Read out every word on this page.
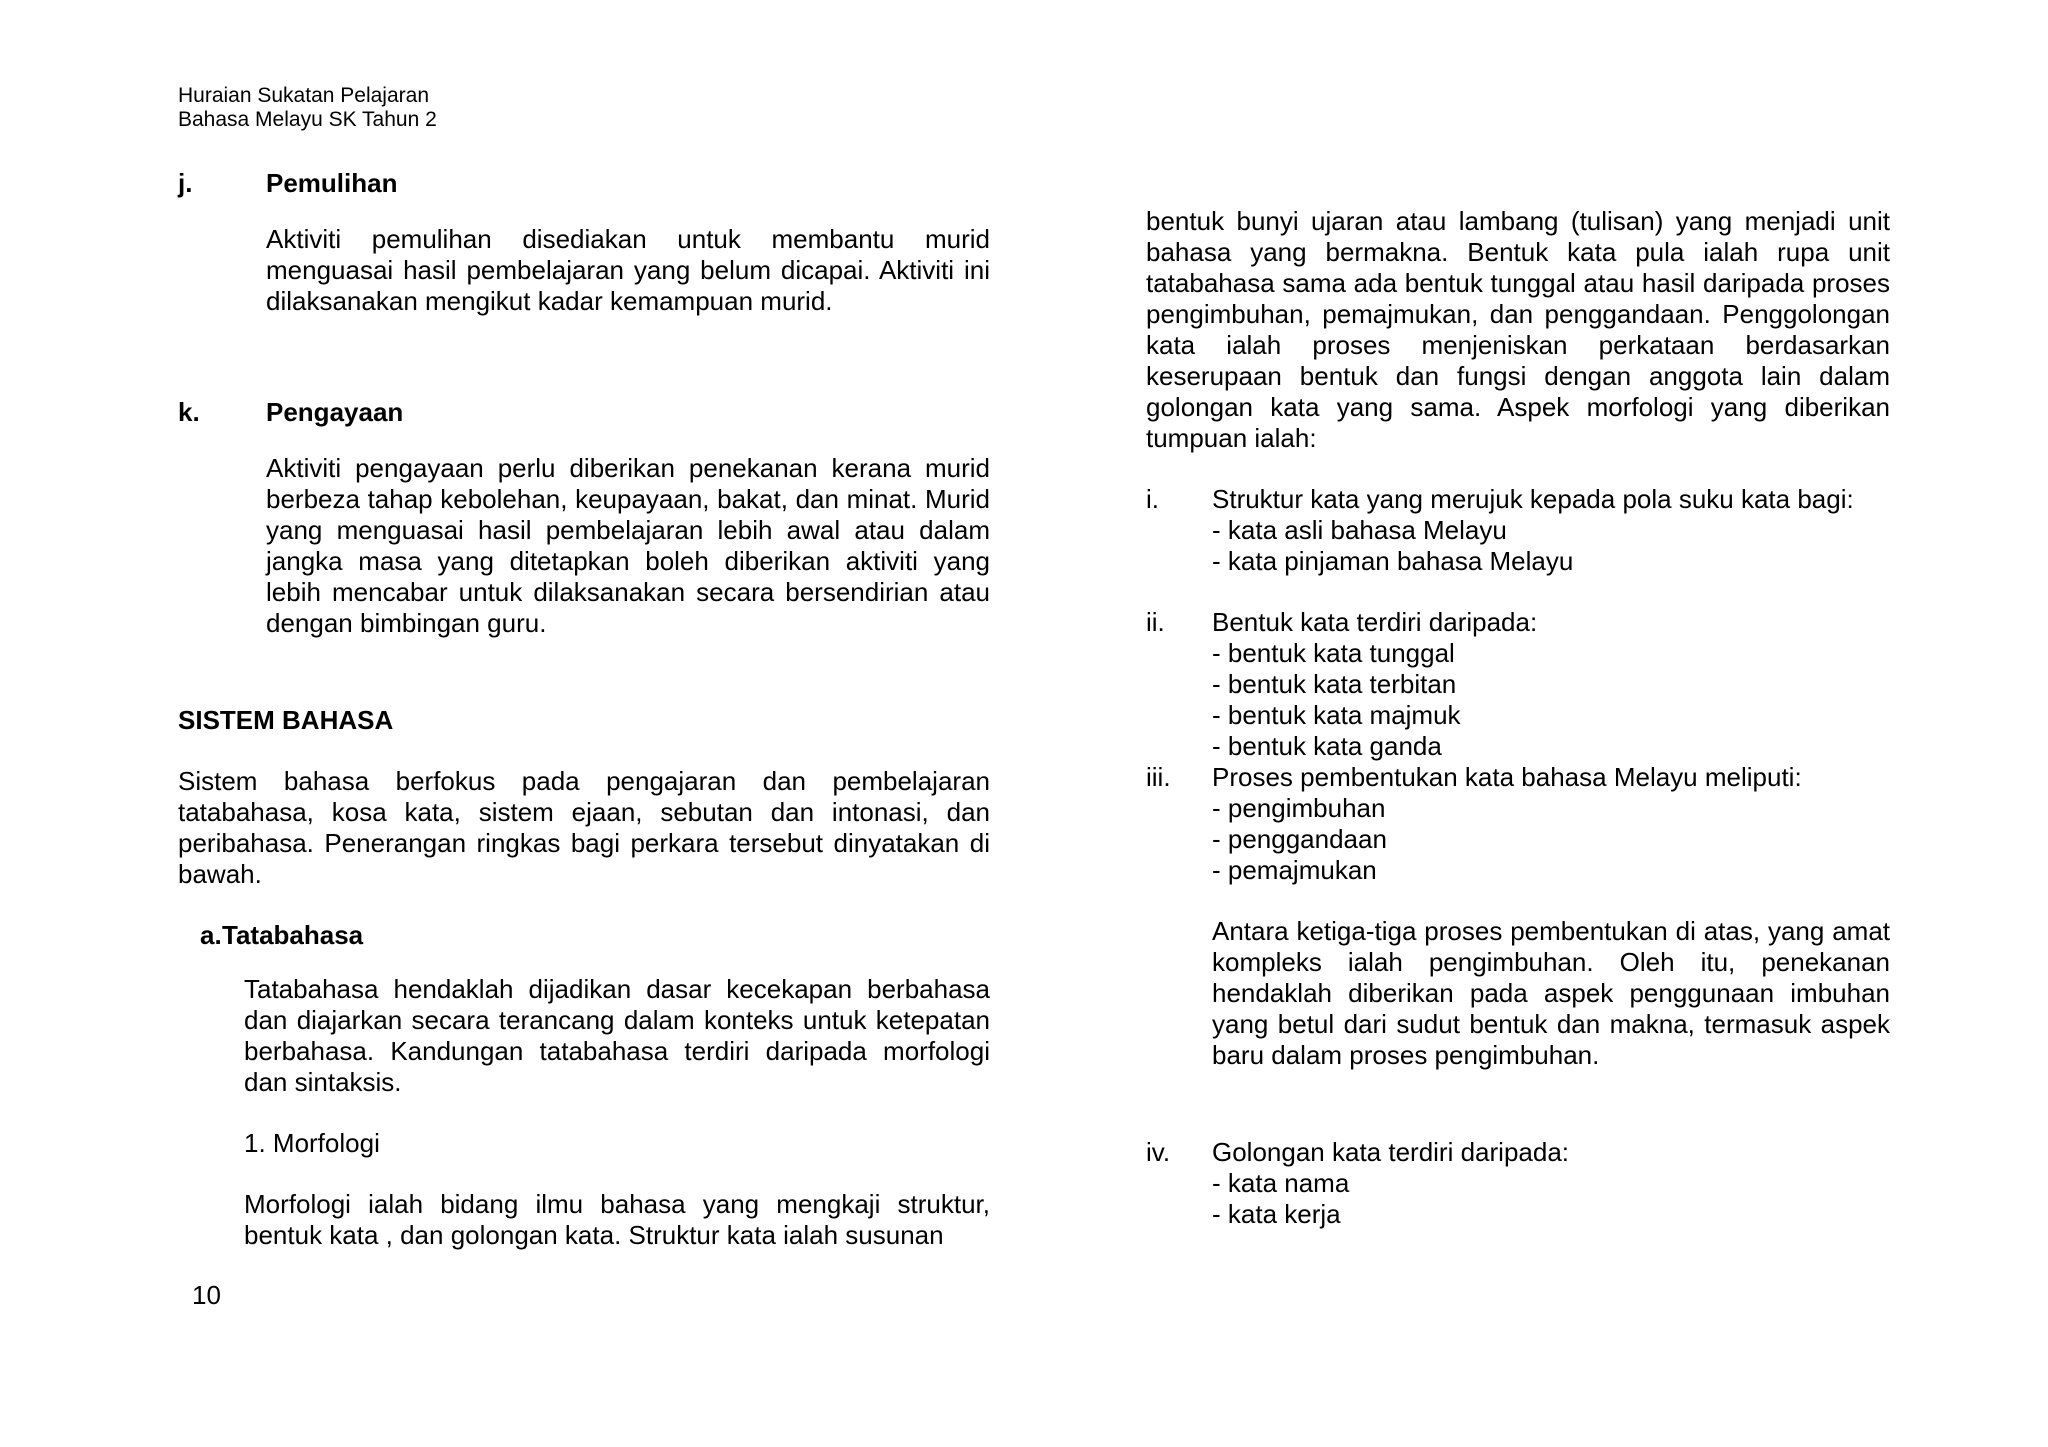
Huraian Sukatan Pelajaran
Bahasa Melayu SK Tahun 2
j.	Pemulihan

Aktiviti pemulihan disediakan untuk membantu murid menguasai hasil pembelajaran yang belum dicapai. Aktiviti ini dilaksanakan mengikut kadar kemampuan murid.

k.	Pengayaan

Aktiviti pengayaan perlu diberikan penekanan kerana murid berbeza tahap kebolehan, keupayaan, bakat, dan minat. Murid yang menguasai hasil pembelajaran lebih awal atau dalam jangka masa yang ditetapkan boleh diberikan aktiviti yang lebih mencabar untuk dilaksanakan secara bersendirian atau dengan bimbingan guru.

SISTEM BAHASA

Sistem bahasa berfokus pada pengajaran dan pembelajaran tatabahasa, kosa kata, sistem ejaan, sebutan dan intonasi, dan peribahasa. Penerangan ringkas bagi perkara tersebut dinyatakan di bawah.

a. Tatabahasa

Tatabahasa hendaklah dijadikan dasar kecekapan berbahasa dan diajarkan secara terancang dalam konteks untuk ketepatan berbahasa. Kandungan tatabahasa terdiri daripada morfologi dan sintaksis.

1. Morfologi

Morfologi ialah bidang ilmu bahasa yang mengkaji struktur, bentuk kata , dan golongan kata. Struktur kata ialah susunan

10

bentuk bunyi ujaran atau lambang (tulisan) yang menjadi unit bahasa yang bermakna. Bentuk kata pula ialah rupa unit tatabahasa sama ada bentuk tunggal atau hasil daripada proses pengimbuhan, pemajmukan, dan penggandaan. Penggolongan kata ialah proses menjeniskan perkataan berdasarkan keserupaan bentuk dan fungsi dengan anggota lain dalam golongan kata yang sama. Aspek morfologi yang diberikan tumpuan ialah:

i. Struktur kata yang merujuk kepada pola suku kata bagi:
- kata asli bahasa Melayu
- kata pinjaman bahasa Melayu
ii. Bentuk kata terdiri daripada:
- bentuk kata tunggal
- bentuk kata terbitan
- bentuk kata majmuk
- bentuk kata ganda
iii. Proses pembentukan kata bahasa Melayu meliputi:
- pengimbuhan
- penggandaan
- pemajmukan

Antara ketiga-tiga proses pembentukan di atas, yang amat kompleks ialah pengimbuhan. Oleh itu, penekanan hendaklah diberikan pada aspek penggunaan imbuhan yang betul dari sudut bentuk dan makna, termasuk aspek baru dalam proses pengimbuhan.

iv. Golongan kata terdiri daripada:
- kata nama
- kata kerja
